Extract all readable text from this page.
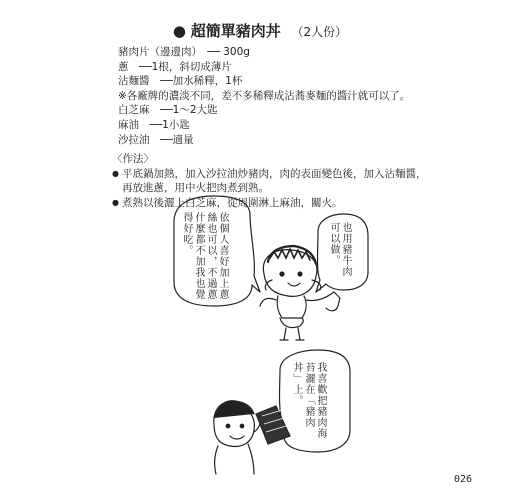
● 超簡單豬肉丼 （2人份）
豬肉片（邊邊肉）　── 300g
蔥　──1根，斜切成薄片
沾麵醬　──加水稀釋，1杯
※各廠牌的濃淡不同，差不多稀釋成沾蕎麥麵的醬汁就可以了。
白芝麻　──1〜2大匙
麻油　──1小匙
沙拉油　──適量
〈作法〉
● 平底鍋加熱，加入沙拉油炒豬肉，肉的表面變色後，加入沾麵醬，再放進蔥，用中火把肉煮到熟。
● 煮熟以後灑上白芝麻，從周圍淋上麻油，關火。
依個人喜好加上蔥絲也可以，不過蔥什麼都不加我也覺得好吃。	也用豬牛肉可以做。
我喜歡把豬肉海苔灑在「豬肉丼」上。
026
